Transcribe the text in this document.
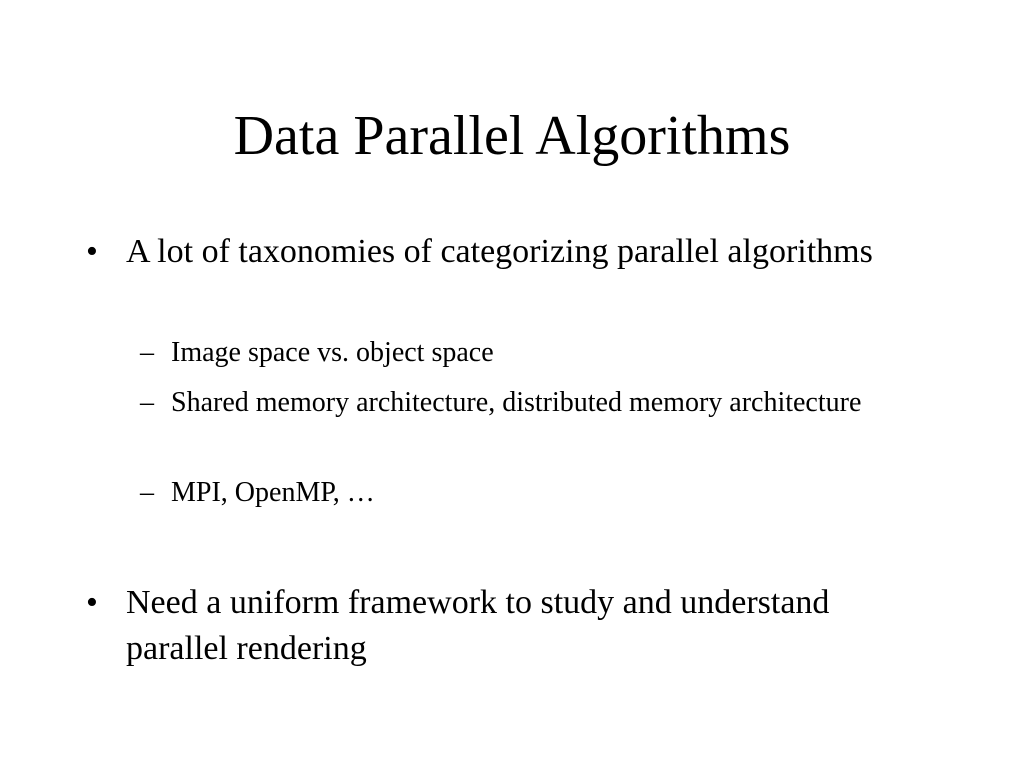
Data Parallel Algorithms
• A lot of taxonomies of categorizing parallel algorithms
– Image space vs. object space
– Shared memory architecture, distributed memory architecture
– MPI, OpenMP, …
• Need a uniform framework to study and understand parallel rendering
